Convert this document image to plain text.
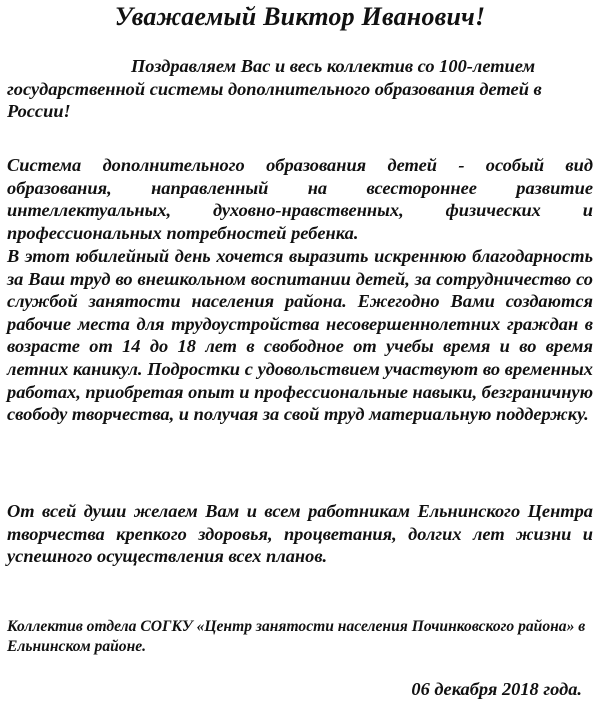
Уважаемый Виктор Иванович!

Поздравляем Вас и весь коллектив со 100-летием государственной системы дополнительного образования детей в России!

Система дополнительного образования детей - особый вид образования, направленный на всестороннее развитие интеллектуальных, духовно-нравственных, физических и профессиональных потребностей ребенка.

В этот юбилейный день хочется выразить искреннюю благодарность за Ваш труд во внешкольном воспитании детей, за сотрудничество со службой занятости населения района. Ежегодно Вами создаются рабочие места для трудоустройства несовершеннолетних граждан в возрасте от 14 до 18 лет в свободное от учебы время и во время летних каникул. Подростки с удовольствием участвуют во временных работах, приобретая опыт и профессиональные навыки, безграничную свободу творчества, и получая за свой труд материальную поддержку.

От всей души желаем Вам и всем работникам Ельнинского Центра творчества крепкого здоровья, процветания, долгих лет жизни и успешного осуществления всех планов.

Коллектив отдела СОГКУ «Центр занятости населения Починковского района» в Ельнинском районе.

06 декабря 2018 года.
